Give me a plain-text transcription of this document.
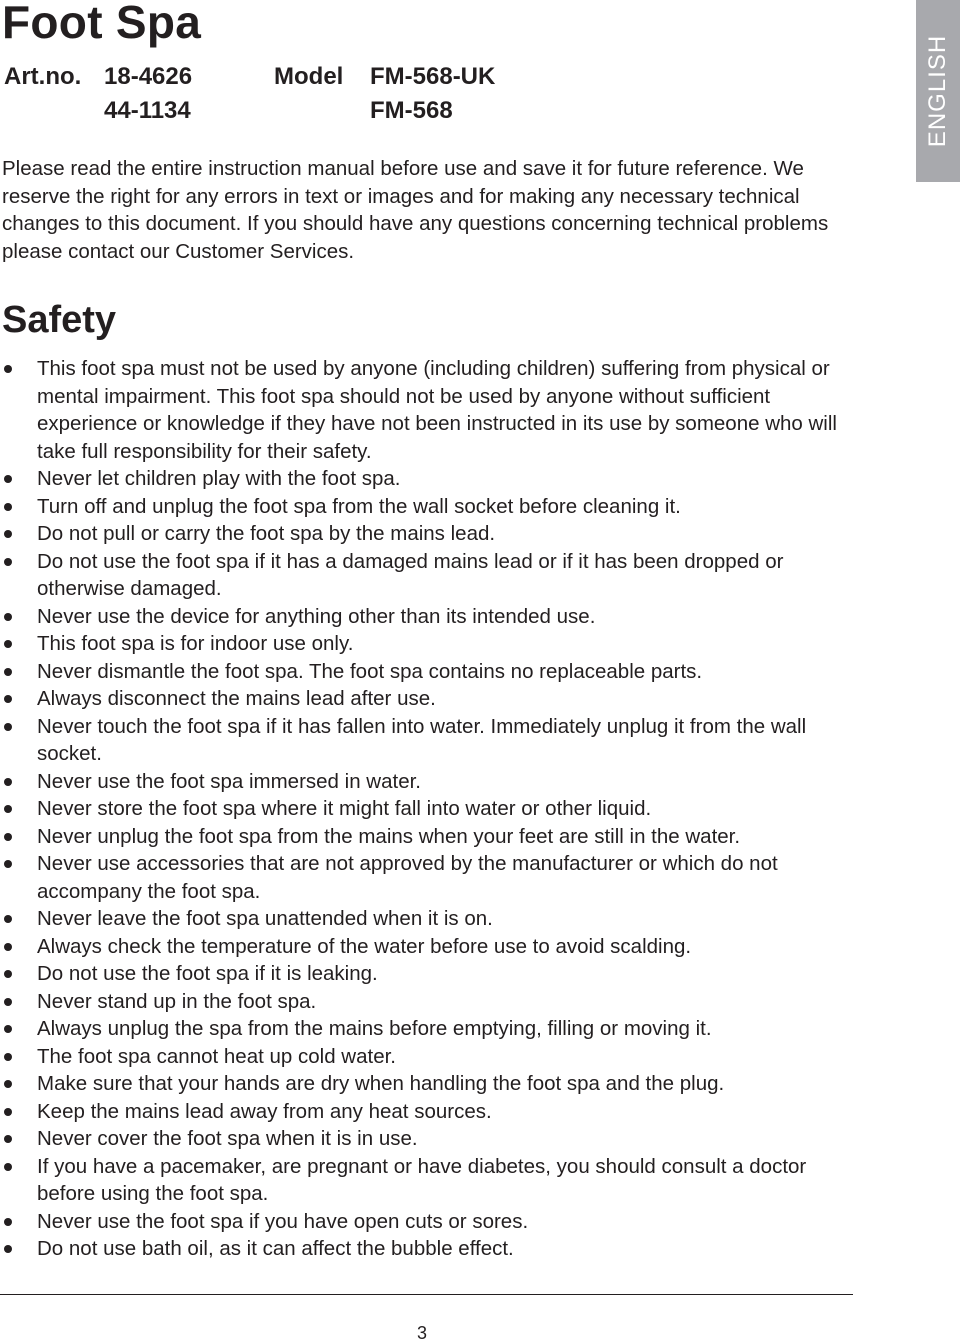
Foot Spa
Art.no. 18-4626	Model FM-568-UK
44-1134	FM-568	ENGLISH

Please read the entire instruction manual before use and save it for future reference. We reserve the right for any errors in text or images and for making any necessary technical changes to this document. If you should have any questions concerning technical problems please contact our Customer Services.

Safety
This foot spa must not be used by anyone (including children) suffering from physical or mental impairment. This foot spa should not be used by anyone without sufficient experience or knowledge if they have not been instructed in its use by someone who will take full responsibility for their safety.
Never let children play with the foot spa.
Turn off and unplug the foot spa from the wall socket before cleaning it.
Do not pull or carry the foot spa by the mains lead.
Do not use the foot spa if it has a damaged mains lead or if it has been dropped or otherwise damaged.
Never use the device for anything other than its intended use.
This foot spa is for indoor use only.
Never dismantle the foot spa. The foot spa contains no replaceable parts.
Always disconnect the mains lead after use.
Never touch the foot spa if it has fallen into water. Immediately unplug it from the wall socket.
Never use the foot spa immersed in water.
Never store the foot spa where it might fall into water or other liquid.
Never unplug the foot spa from the mains when your feet are still in the water.
Never use accessories that are not approved by the manufacturer or which do not accompany the foot spa.
Never leave the foot spa unattended when it is on.
Always check the temperature of the water before use to avoid scalding.
Do not use the foot spa if it is leaking.
Never stand up in the foot spa.
Always unplug the spa from the mains before emptying, filling or moving it.
The foot spa cannot heat up cold water.
Make sure that your hands are dry when handling the foot spa and the plug.
Keep the mains lead away from any heat sources.
Never cover the foot spa when it is in use.
If you have a pacemaker, are pregnant or have diabetes, you should consult a doctor before using the foot spa.
Never use the foot spa if you have open cuts or sores.
Do not use bath oil, as it can affect the bubble effect.
3
